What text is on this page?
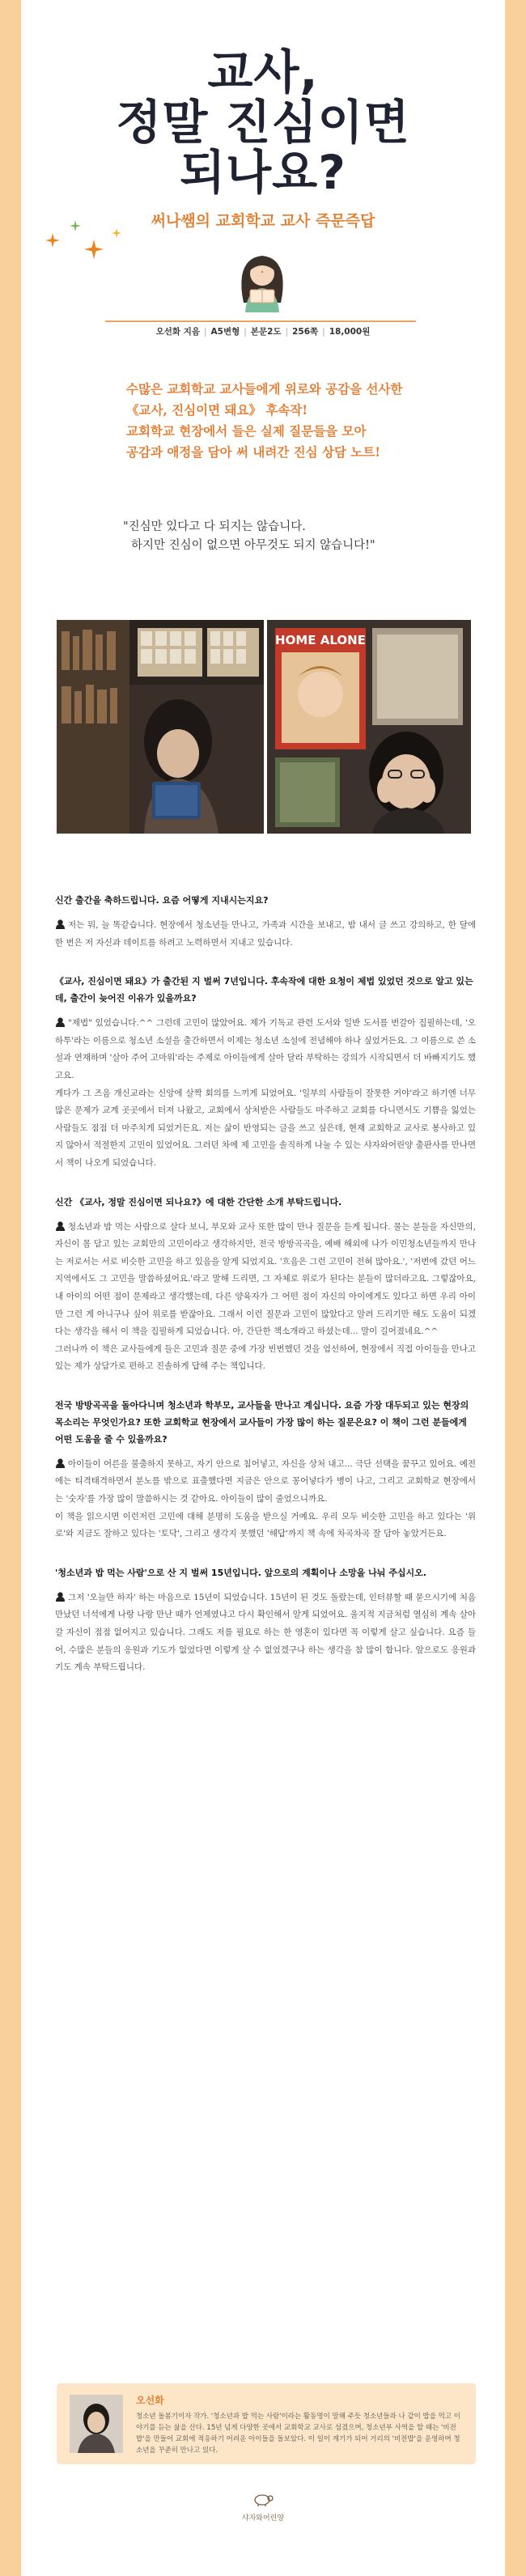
교사,
정말 진심이면
되나요?
써나쌤의 교회학교 교사 즉문즉답
오선화 지음 | A5변형 | 본문2도 | 256쪽 | 18,000원
수많은 교회학교 교사들에게 위로와 공감을 선사한
《교사, 진심이면 돼요》 후속작!
교회학교 현장에서 들은 실제 질문들을 모아
공감과 애정을 담아 써 내려간 진심 상담 노트!
"진심만 있다고 다 되지는 않습니다.
하지만 진심이 없으면 아무것도 되지 않습니다!"
HOME ALONE
신간 출간을 축하드립니다. 요즘 어떻게 지내시는지요?
저는 뭐, 늘 똑같습니다. 현장에서 청소년들 만나고, 가족과 시간을 보내고, 밤 내서 글 쓰고 강의하고, 한 달에 한 번은 저 자신과 데이트를 하려고 노력하면서 지내고 있습니다.
《교사, 진심이면 돼요》가 출간된 지 벌써 7년입니다. 후속작에 대한 요청이 제법 있었던 것으로 알고 있는데, 출간이 늦어진 이유가 있을까요?
"제법" 있었습니다.^^ 그런데 고민이 많았어요. 제가 기독교 관련 도서와 일반 도서를 번갈아 집필하는데, '오하투'라는 이름으로 청소년 소설을 출간하면서 이제는 청소년 소설에 전념해야 하나 싶었거든요. 그 이름으로 쓴 소설과 연재하며 '살아 주어 고마워'라는 주제로 아이들에게 살아 달라 부탁하는 강의가 시작되면서 더 바빠지기도 했고요.
게다가 그 즈음 개신교라는 신앙에 살짝 회의를 느끼게 되었어요. '일부의 사람들이 잘못한 거야'라고 하기엔 너무 많은 문제가 교계 곳곳에서 터져 나왔고, 교회에서 상처받은 사람들도 마주하고 교회를 다니면서도 기쁨을 잃었는 사람들도 점점 더 마주치게 되었거든요. 저는 삶이 반영되는 글을 쓰고 싶은데, 현재 교회학교 교사로 봉사하고 있지 않아서 적절한지 고민이 있었어요. 그러던 차에 제 고민을 솔직하게 나눌 수 있는 샤자와어린양 출판사를 만나면서 책이 나오게 되었습니다.
신간 《교사, 정말 진심이면 되나요?》에 대한 간단한 소개 부탁드립니다.
청소년과 밤 먹는 사람으로 살다 보니, 부모와 교사 또한 많이 만나 질문을 듣게 됩니다. 물는 분들을 자신만의, 자신이 몸 담고 있는 교회만의 고민이라고 생각하지만, 전국 방방곡곡을, 예배 해외에 나가 이민청소년들까지 만나는 저로서는 서로 비슷한 고민을 하고 있음을 알게 되었지요. '흐음은 그런 고민이 전혀 많아요.', '저번에 갔던 어느 지역에서도 그 고민을 말씀하셨어요.'라고 말해 드리면, 그 자체로 위로가 된다는 분들이 많더라고요. 그렇잖아요, 내 아이의 어떤 점이 문제라고 생각했는데, 다른 양육자가 그 어떤 점이 자신의 아이에게도 있다고 하면 우리 아이만 그런 게 아니구나 싶어 위로를 받잖아요. 그래서 이런 질문과 고민이 많았다고 알려 드리기만 해도 도움이 되겠다는 생각을 해서 이 책을 집필하게 되었습니다. 아, 간단한 책소개라고 하셨는데... 말이 길어졌네요.^^
그러나까 이 책은 교사들에게 들은 고민과 질문 중에 가장 빈번했던 것을 엄선하여, 현장에서 직접 아이들을 만나고 있는 제가 상담가로 편하고 진솔하게 답해 주는 책입니다.
전국 방방곡곡을 돌아다니며 청소년과 학부모, 교사들을 만나고 계십니다. 요즘 가장 대두되고 있는 현장의 목소리는 무엇인가요? 또한 교회학교 현장에서 교사들이 가장 많이 하는 질문은요? 이 책이 그런 분들에게 어떤 도움을 줄 수 있을까요?
아이들이 어른을 불출하지 못하고, 자기 안으로 침어넣고, 자신을 상처 내고... 극단 선택을 꿈꾸고 있어요. 예전에는 티격태격하면서 분노를 밖으로 표출했다면 지금은 안으로 꽁어넣다가 병이 나고, 그리고 교회학교 현장에서는 '숫자'를 가장 많이 말씀하시는 것 같아요. 아이들이 많이 줄었으니까요.
이 책을 읽으시면 이런저런 고민에 대해 분명히 도움을 받으실 거예요. 우리 모두 비슷한 고민을 하고 있다는 '위로'와 지금도 잘하고 있다는 '토닥', 그리고 생각지 못했던 '해답'까지 책 속에 차곡차곡 잘 담아 놓았거든요.
'청소년과 밥 먹는 사람'으로 산 지 벌써 15년입니다. 앞으로의 계획이나 소망을 나눠 주십시오.
그저 '오늘만 하자' 하는 마음으로 15년이 되었습니다. 15년이 된 것도 돌랐는데, 인터뷰할 때 묻으시기에 처음 만났던 너석에게 나랑 나랑 만난 때가 언제였냐고 다시 확인해서 알게 되었어요. 울지적 지금처럼 열심히 계속 살아갈 자신이 점점 없어지고 있습니다. 그래도 저를 필요로 하는 한 영혼이 있다면 꼭 이렇게 살고 싶습니다. 요즘 들어, 수많은 분들의 응원과 기도가 없었다면 이렇게 살 수 없었겠구나 하는 생각을 참 많이 합니다. 앞으로도 응원과 기도 계속 부탁드립니다.
오선화
청소년 돌봄기이자 작가. '청소년과 밥 먹는 사람'이라는 활동명이 말해 주듯 청소년들과 나 같이 밥을 먹고 이야기를 듣는 삶을 산다. 15년 넘게 다양한 곳에서 교회학교 교사로 섬겼으며, 청소년부 사역을 할 때는 '비전밥'을 만들어 교회에 적응하기 어려운 아이들을 돌보았다. 이 일이 계기가 되어 거리의 '비전밥'을 운영하며 청소년을 꾸준히 만나고 있다.
샤자와어린양
